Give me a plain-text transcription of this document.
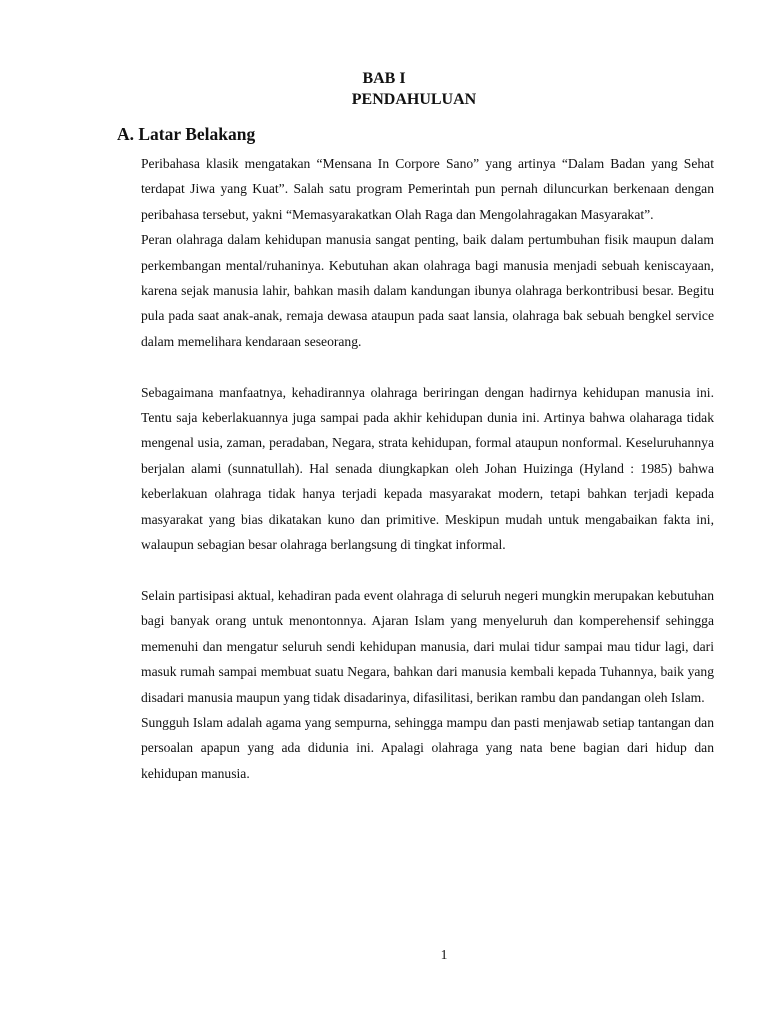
BAB I
PENDAHULUAN
A. Latar Belakang

Peribahasa klasik mengatakan “Mensana In Corpore Sano” yang artinya “Dalam Badan yang Sehat terdapat Jiwa yang Kuat”. Salah satu program Pemerintah pun pernah diluncurkan berkenaan dengan peribahasa tersebut, yakni “Memasyarakatkan Olah Raga dan Mengolahragakan Masyarakat”.

Peran olahraga dalam kehidupan manusia sangat penting, baik dalam pertumbuhan fisik maupun dalam perkembangan mental/ruhaninya. Kebutuhan akan olahraga bagi manusia menjadi sebuah keniscayaan, karena sejak manusia lahir, bahkan masih dalam kandungan ibunya olahraga berkontribusi besar. Begitu pula pada saat anak-anak, remaja dewasa ataupun pada saat lansia, olahraga bak sebuah bengkel service dalam memelihara kendaraan seseorang.

Sebagaimana manfaatnya, kehadirannya olahraga beriringan dengan hadirnya kehidupan manusia ini. Tentu saja keberlakuannya juga sampai pada akhir kehidupan dunia ini. Artinya bahwa olaharaga tidak mengenal usia, zaman, peradaban, Negara, strata kehidupan, formal ataupun nonformal. Keseluruhannya berjalan alami (sunnatullah). Hal senada diungkapkan oleh Johan Huizinga (Hyland : 1985) bahwa keberlakuan olahraga tidak hanya terjadi kepada masyarakat modern, tetapi bahkan terjadi kepada masyarakat yang bias dikatakan kuno dan primitive. Meskipun mudah untuk mengabaikan fakta ini, walaupun sebagian besar olahraga berlangsung di tingkat informal.

Selain partisipasi aktual, kehadiran pada event olahraga di seluruh negeri mungkin merupakan kebutuhan bagi banyak orang untuk menontonnya. Ajaran Islam yang menyeluruh dan komperehensif sehingga memenuhi dan mengatur seluruh sendi kehidupan manusia, dari mulai tidur sampai mau tidur lagi, dari masuk rumah sampai membuat suatu Negara, bahkan dari manusia kembali kepada Tuhannya, baik yang disadari manusia maupun yang tidak disadarinya, difasilitasi, berikan rambu dan pandangan oleh Islam.

Sungguh Islam adalah agama yang sempurna, sehingga mampu dan pasti menjawab setiap tantangan dan persoalan apapun yang ada didunia ini. Apalagi olahraga yang nata bene bagian dari hidup dan kehidupan manusia.

1
